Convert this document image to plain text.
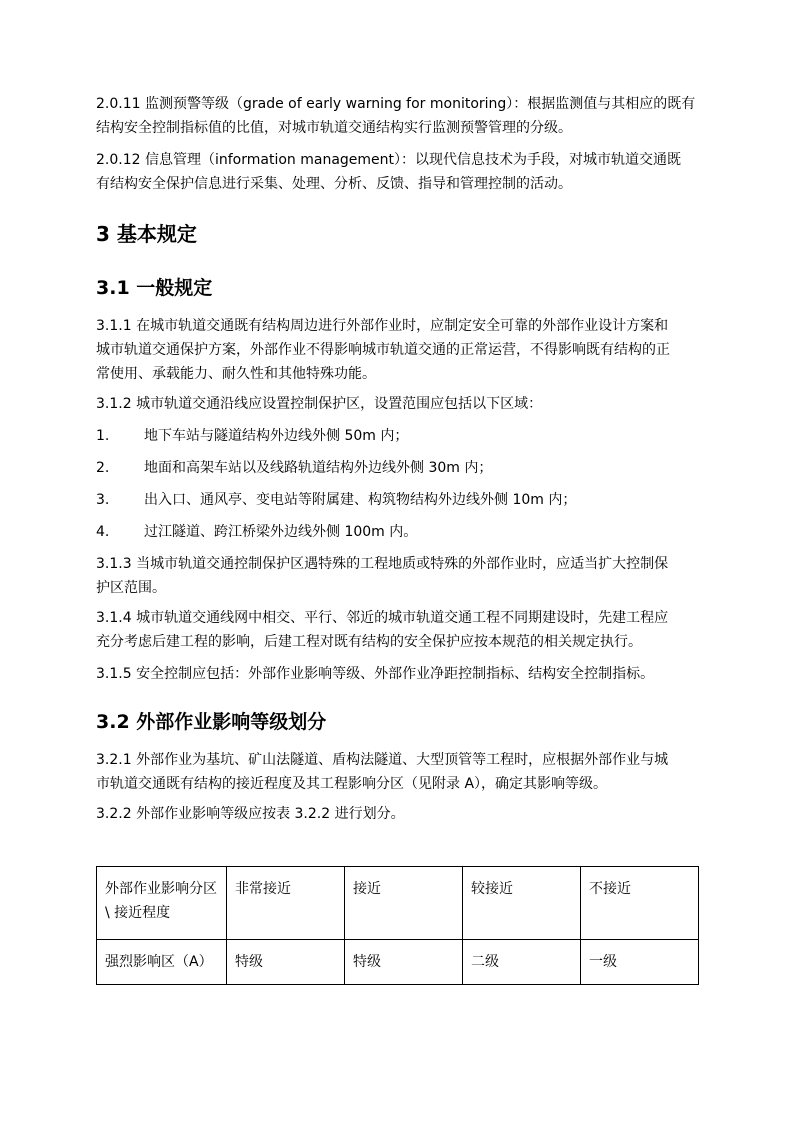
2.0.11 监测预警等级（grade of early warning for monitoring）：根据监测值与其相应的既有
结构安全控制指标值的比值，对城市轨道交通结构实行监测预警管理的分级。
2.0.12 信息管理（information management）：以现代信息技术为手段，对城市轨道交通既
有结构安全保护信息进行采集、处理、分析、反馈、指导和管理控制的活动。
3 基本规定
3.1 一般规定
3.1.1 在城市轨道交通既有结构周边进行外部作业时，应制定安全可靠的外部作业设计方案和
城市轨道交通保护方案，外部作业不得影响城市轨道交通的正常运营，不得影响既有结构的正
常使用、承载能力、耐久性和其他特殊功能。
3.1.2 城市轨道交通沿线应设置控制保护区，设置范围应包括以下区域：
1. 地下车站与隧道结构外边线外侧 50m 内；
2. 地面和高架车站以及线路轨道结构外边线外侧 30m 内；
3. 出入口、通风亭、变电站等附属建、构筑物结构外边线外侧 10m 内；
4. 过江隧道、跨江桥梁外边线外侧 100m 内。
3.1.3 当城市轨道交通控制保护区遇特殊的工程地质或特殊的外部作业时，应适当扩大控制保
护区范围。
3.1.4 城市轨道交通线网中相交、平行、邻近的城市轨道交通工程不同期建设时，先建工程应
充分考虑后建工程的影响，后建工程对既有结构的安全保护应按本规范的相关规定执行。
3.1.5 安全控制应包括：外部作业影响等级、外部作业净距控制指标、结构安全控制指标。
3.2 外部作业影响等级划分
3.2.1 外部作业为基坑、矿山法隧道、盾构法隧道、大型顶管等工程时，应根据外部作业与城
市轨道交通既有结构的接近程度及其工程影响分区（见附录 A），确定其影响等级。
3.2.2 外部作业影响等级应按表 3.2.2 进行划分。
外部作业影响分区 \ 接近程度	非常接近	接近	较接近	不接近
强烈影响区（A）	特级	特级	二级	一级
